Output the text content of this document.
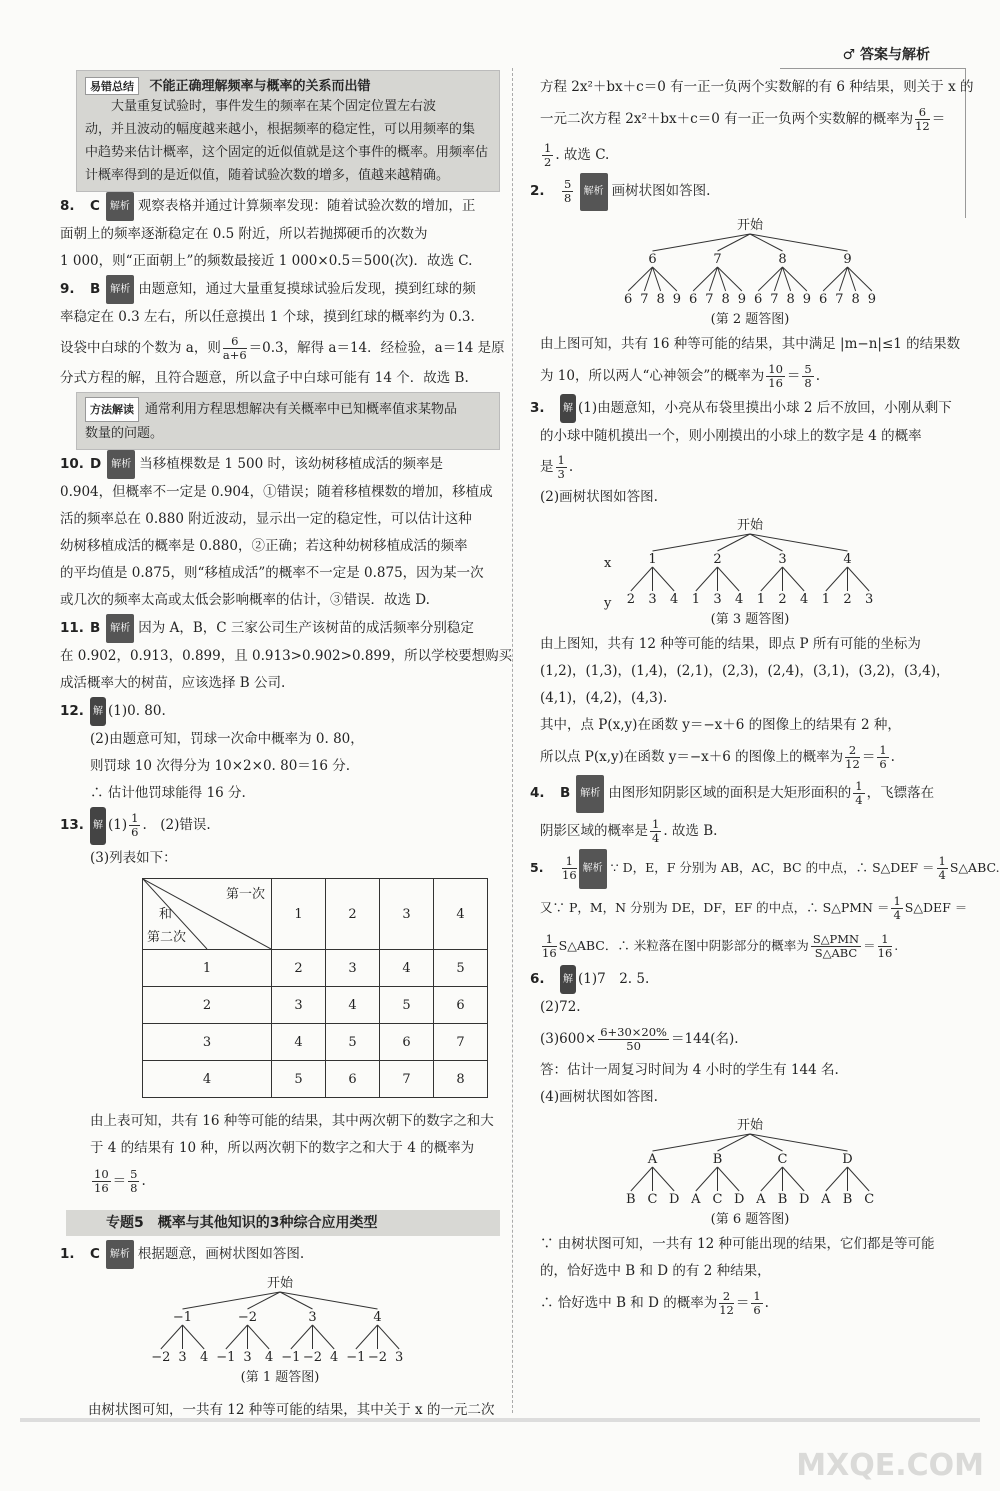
♂ 答案与解析
易错总结 不能正确理解频率与概率的关系而出错

大量重复试验时，事件发生的频率在某个固定位置左右波

动，并且波动的幅度越来越小，根据频率的稳定性，可以用频率的集

中趋势来估计概率，这个固定的近似值就是这个事件的概率。用频率估

计概率得到的是近似值，随着试验次数的增多，值越来越精确。

8. C 解析 观察表格并通过计算频率发现：随着试验次数的增加，正

面朝上的频率逐渐稳定在 0.5 附近，所以若抛掷硬币的次数为

1 000，则“正面朝上”的频数最接近 1 000×0.5＝500(次)．故选 C.

9. B 解析 由题意知，通过大量重复摸球试验后发现，摸到红球的频

率稳定在 0.3 左右，所以任意摸出 1 个球，摸到红球的概率约为 0.3.

设袋中白球的个数为 a，则 $\frac{6}{a+6} =0.3$，解得 a＝14．经检验，a＝14 是原

分式方程的解，且符合题意，所以盒子中白球可能有 14 个．故选 B.

方法解读 通常利用方程思想解决有关概率中已知概率值求某物品

数量的问题。

10. D 解析 当移植棵数是 1 500 时，该幼树移植成活的频率是

0.904，但概率不一定是 0.904，①错误；随着移植棵数的增加，移植成

活的频率总在 0.880 附近波动，显示出一定的稳定性，可以估计这种

幼树移植成活的概率是 0.880，②正确；若这种幼树移植成活的频率

的平均值是 0.875，则“移植成活”的概率不一定是 0.875，因为某一次

或几次的频率太高或太低会影响概率的估计，③错误．故选 D.

11. B 解析 因为 A，B，C 三家公司生产该树苗的成活频率分别稳定

在 0.902，0.913，0.899，且 0.913>0.902>0.899，所以学校要想购买

成活概率大的树苗，应该选择 B 公司.

12. 解 (1)0. 80.

(2)由题意可知，罚球一次命中概率为 0. 80，

则罚球 10 次得分为 10×2×0. 80＝16 分.

∴ 估计他罚球能得 16 分.

13. 解 $(1) \frac{1}{6}$ .　(2)错误.

(3)列表如下：

第一次
和
第二次	1	2	3	4
1	2	3	4	5
2	3	4	5	6
3	4	5	6	7
4	5	6	7	8

由上表可知，共有 16 种等可能的结果，其中两次朝下的数字之和大

于 4 的结果有 10 种，所以两次朝下的数字之和大于 4 的概率为

$\frac{10}{16} = \frac{5}{8}$ .

专题5　概率与其他知识的3种综合应用类型

1. C 解析 根据题意，画树状图如答图.

开始
−1
−2 3 4
−2
−1 3 4
3
−1 −2 4
4
−1 −2 3
(第 1 题答图)

由树状图可知，一共有 12 种等可能的结果，其中关于 x 的一元二次

方程 2x²＋bx＋c＝0 有一正一负两个实数解的有 6 种结果，则关于 x 的

一元二次方程 2x²＋bx＋c＝0 有一正一负两个实数解的概率为 $\frac{6}{12}$ ＝

$\frac{1}{2}$ . 故选 C.

2. $\frac{5}{8}$ 解析 画树状图如答图.

开始
6
6 7 8 9
7
6 7 8 9
8
6 7 8 9
9
6 7 8 9
(第 2 题答图)

由上图可知，共有 16 种等可能的结果，其中满足 |m−n|≤1 的结果数

为 10，所以两人“心神领会”的概率为 $\frac{10}{16} = \frac{5}{8}$ .

3. 解 (1)由题意知，小亮从布袋里摸出小球 2 后不放回，小刚从剩下

的小球中随机摸出一个，则小刚摸出的小球上的数字是 4 的概率

是 $\frac{1}{3}$ .

(2)画树状图如答图.

开始
x
y
1
2 3 4
2
1 3 4
3
1 2 4
4
1 2 3
(第 3 题答图)

由上图知，共有 12 种等可能的结果，即点 P 所有可能的坐标为

(1,2)，(1,3)，(1,4)，(2,1)，(2,3)，(2,4)，(3,1)，(3,2)，(3,4)，

(4,1)，(4,2)，(4,3).

其中，点 P(x,y)在函数 y＝−x＋6 的图像上的结果有 2 种，

所以点 P(x,y)在函数 y＝−x＋6 的图像上的概率为 $\frac{2}{12} = \frac{1}{6}$ .

4. B 解析 由图形知阴影区域的面积是大矩形面积的 $\frac{1}{4}$ ，飞镖落在

阴影区域的概率是 $\frac{1}{4}$ . 故选 B.

5. $\frac{1}{16}$ 解析 ∵ D，E，F 分别为 AB，AC，BC 的中点，∴ S△DEF ＝ $\frac{1}{4}$ S△ABC.

又∵ P，M，N 分别为 DE，DF，EF 的中点，∴ S△PMN ＝ $\frac{1}{4}$ S△DEF ＝

$\frac{1}{16}$ S△ABC．∴ 米粒落在图中阴影部分的概率为 $\frac{\text{S△PMN}}{\text{S△ABC}} = \frac{1}{16}$ .

6. 解 (1)7　2. 5.

(2)72.

$(3)600\times \frac{6+30\times 20\%}{50} =144$(名).

答：估计一周复习时间为 4 小时的学生有 144 名.

(4)画树状图如答图.

开始
A
B C D
B
A C D
C
A B D
D
A B C
(第 6 题答图)

∵ 由树状图可知，一共有 12 种可能出现的结果，它们都是等可能

的，恰好选中 B 和 D 的有 2 种结果，

∴ 恰好选中 B 和 D 的概率为 $\frac{2}{12} = \frac{1}{6}$ .

MXQE.COM
